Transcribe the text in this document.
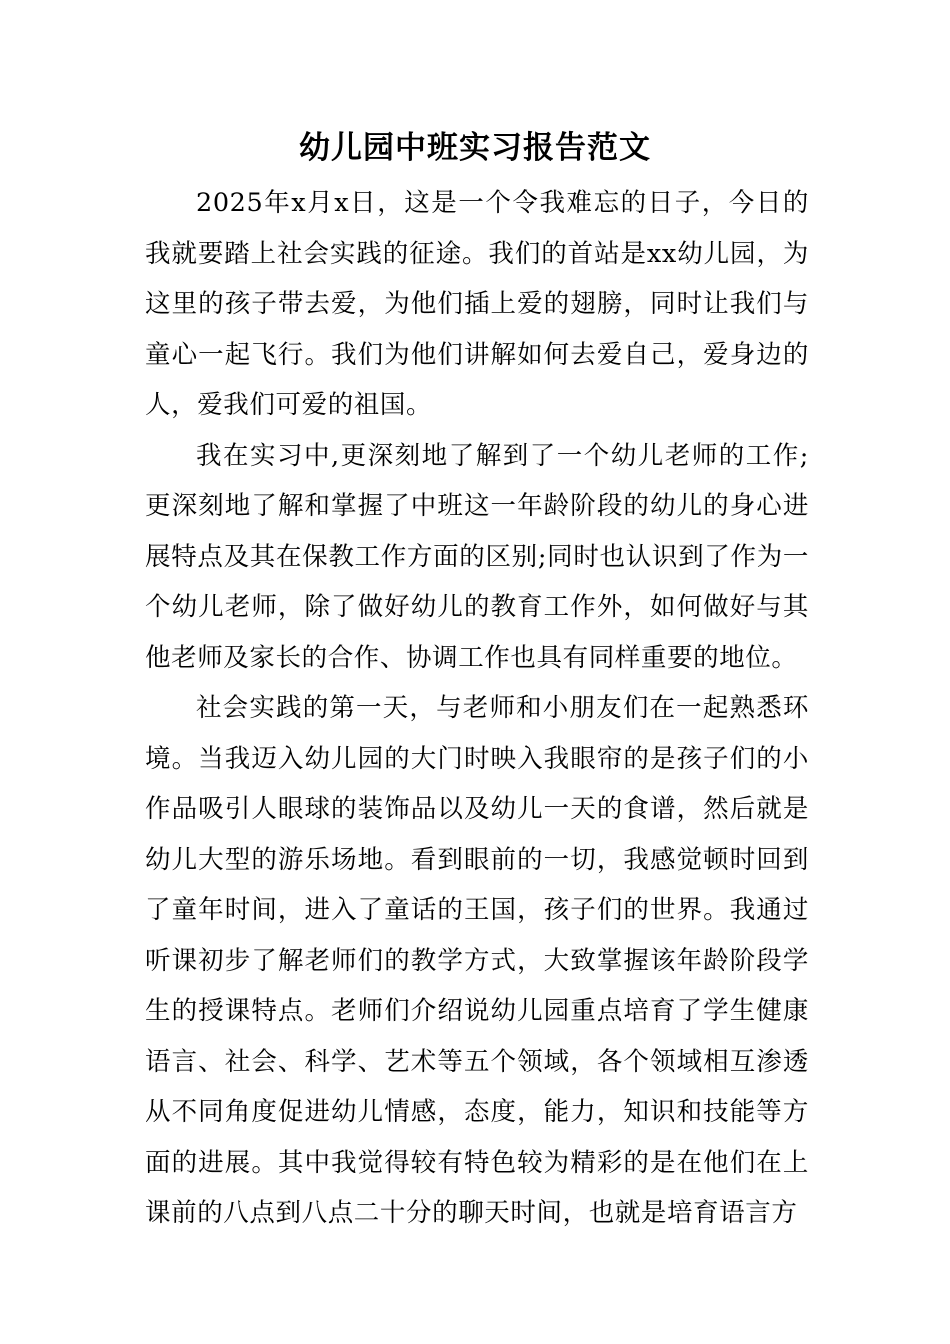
幼儿园中班实习报告范文

2025年x月x日，这是一个令我难忘的日子，今日的我就要踏上社会实践的征途。我们的首站是xx幼儿园，为这里的孩子带去爱，为他们插上爱的翅膀，同时让我们与童心一起飞行。我们为他们讲解如何去爱自己，爱身边的人，爱我们可爱的祖国。

我在实习中,更深刻地了解到了一个幼儿老师的工作;更深刻地了解和掌握了中班这一年龄阶段的幼儿的身心进展特点及其在保教工作方面的区别;同时也认识到了作为一个幼儿老师，除了做好幼儿的教育工作外，如何做好与其他老师及家长的合作、协调工作也具有同样重要的地位。

社会实践的第一天，与老师和小朋友们在一起熟悉环境。当我迈入幼儿园的大门时映入我眼帘的是孩子们的小作品吸引人眼球的装饰品以及幼儿一天的食谱，然后就是幼儿大型的游乐场地。看到眼前的一切，我感觉顿时回到了童年时间，进入了童话的王国，孩子们的世界。我通过听课初步了解老师们的教学方式，大致掌握该年龄阶段学生的授课特点。老师们介绍说幼儿园重点培育了学生健康语言、社会、科学、艺术等五个领域，各个领域相互渗透从不同角度促进幼儿情感，态度，能力，知识和技能等方面的进展。其中我觉得较有特色较为精彩的是在他们在上课前的八点到八点二十分的聊天时间，也就是培育语言方
